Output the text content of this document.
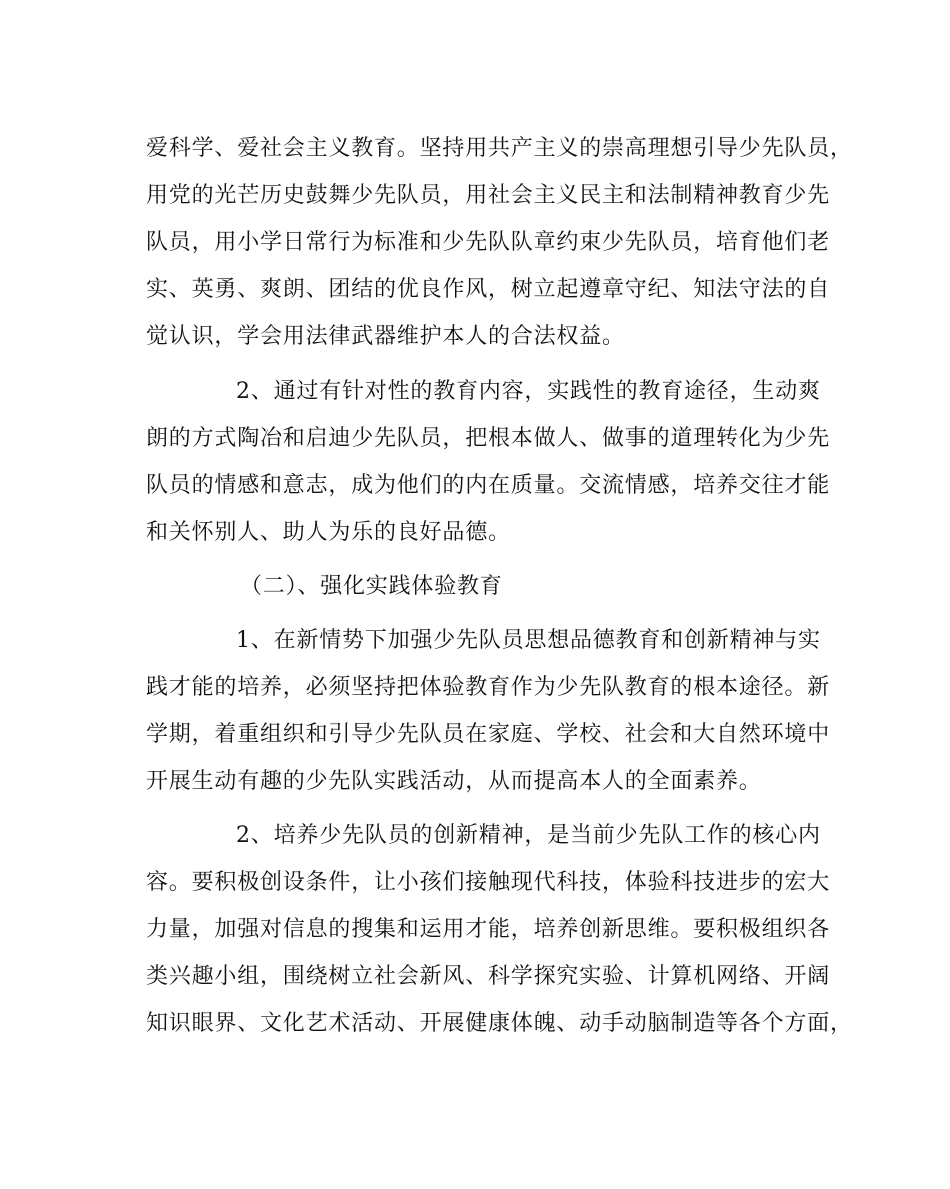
爱科学、爱社会主义教育。坚持用共产主义的崇高理想引导少先队员，
用党的光芒历史鼓舞少先队员，用社会主义民主和法制精神教育少先
队员，用小学日常行为标准和少先队队章约束少先队员，培育他们老
实、英勇、爽朗、团结的优良作风，树立起遵章守纪、知法守法的自
觉认识，学会用法律武器维护本人的合法权益。
2、通过有针对性的教育内容，实践性的教育途径，生动爽
朗的方式陶冶和启迪少先队员，把根本做人、做事的道理转化为少先
队员的情感和意志，成为他们的内在质量。交流情感，培养交往才能
和关怀别人、助人为乐的良好品德。
（二）、强化实践体验教育
1、在新情势下加强少先队员思想品德教育和创新精神与实
践才能的培养，必须坚持把体验教育作为少先队教育的根本途径。新
学期，着重组织和引导少先队员在家庭、学校、社会和大自然环境中
开展生动有趣的少先队实践活动，从而提高本人的全面素养。
2、培养少先队员的创新精神，是当前少先队工作的核心内
容。要积极创设条件，让小孩们接触现代科技，体验科技进步的宏大
力量，加强对信息的搜集和运用才能，培养创新思维。要积极组织各
类兴趣小组，围绕树立社会新风、科学探究实验、计算机网络、开阔
知识眼界、文化艺术活动、开展健康体魄、动手动脑制造等各个方面，
